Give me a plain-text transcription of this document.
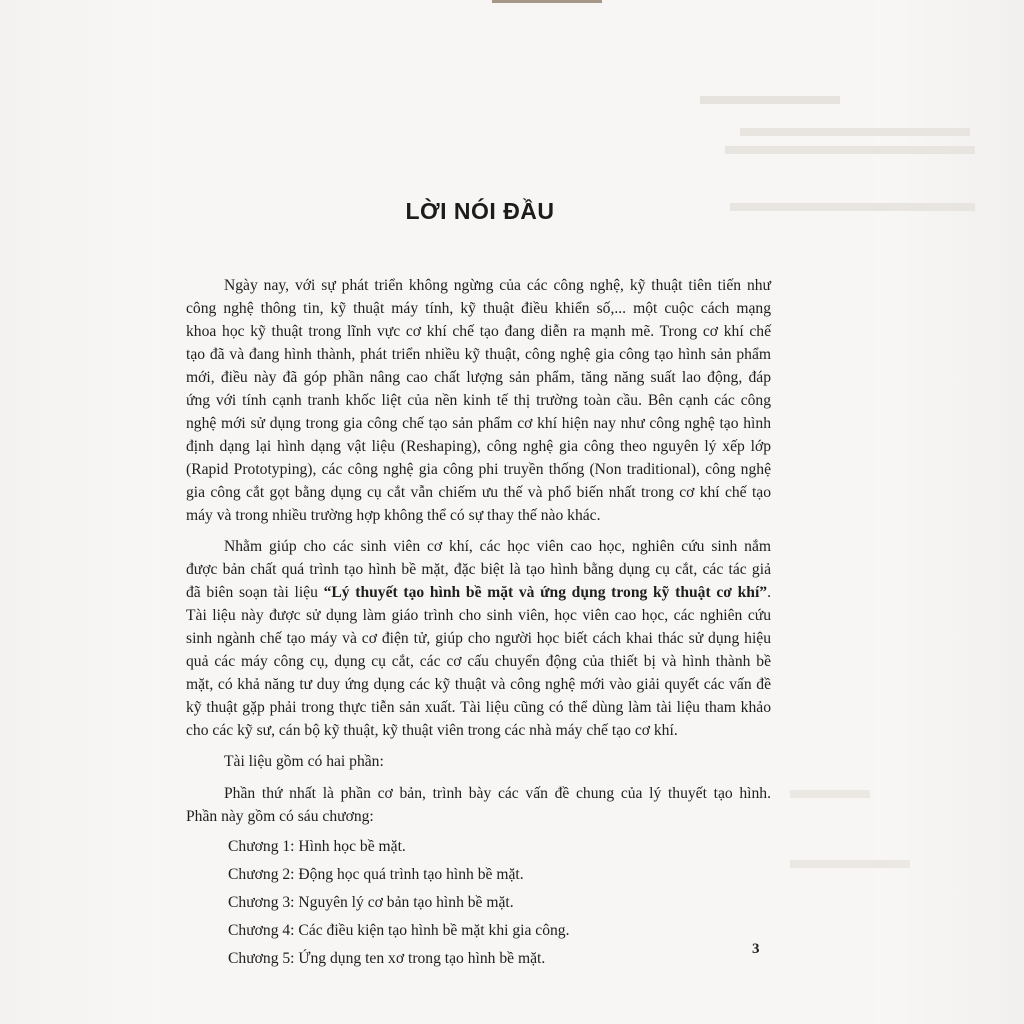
LỜI NÓI ĐẦU
Ngày nay, với sự phát triển không ngừng của các công nghệ, kỹ thuật tiên tiến như
công nghệ thông tin, kỹ thuật máy tính, kỹ thuật điều khiển số,... một cuộc cách mạng
khoa học kỹ thuật trong lĩnh vực cơ khí chế tạo đang diễn ra mạnh mẽ. Trong cơ khí chế
tạo đã và đang hình thành, phát triển nhiều kỹ thuật, công nghệ gia công tạo hình sản phẩm
mới, điều này đã góp phần nâng cao chất lượng sản phẩm, tăng năng suất lao động, đáp
ứng với tính cạnh tranh khốc liệt của nền kinh tế thị trường toàn cầu. Bên cạnh các công
nghệ mới sử dụng trong gia công chế tạo sản phẩm cơ khí hiện nay như công nghệ tạo hình
định dạng lại hình dạng vật liệu (Reshaping), công nghệ gia công theo nguyên lý xếp lớp
(Rapid Prototyping), các công nghệ gia công phi truyền thống (Non traditional), công nghệ
gia công cắt gọt bằng dụng cụ cắt vẫn chiếm ưu thế và phổ biến nhất trong cơ khí chế tạo
máy và trong nhiều trường hợp không thể có sự thay thế nào khác.
Nhằm giúp cho các sinh viên cơ khí, các học viên cao học, nghiên cứu sinh nắm
được bản chất quá trình tạo hình bề mặt, đặc biệt là tạo hình bằng dụng cụ cắt, các tác giả
đã biên soạn tài liệu “Lý thuyết tạo hình bề mặt và ứng dụng trong kỹ thuật cơ khí”.
Tài liệu này được sử dụng làm giáo trình cho sinh viên, học viên cao học, các nghiên cứu
sinh ngành chế tạo máy và cơ điện tử, giúp cho người học biết cách khai thác sử dụng hiệu
quả các máy công cụ, dụng cụ cắt, các cơ cấu chuyển động của thiết bị và hình thành bề
mặt, có khả năng tư duy ứng dụng các kỹ thuật và công nghệ mới vào giải quyết các vấn đề
kỹ thuật gặp phải trong thực tiễn sản xuất. Tài liệu cũng có thể dùng làm tài liệu tham khảo
cho các kỹ sư, cán bộ kỹ thuật, kỹ thuật viên trong các nhà máy chế tạo cơ khí.
Tài liệu gồm có hai phần:
Phần thứ nhất là phần cơ bản, trình bày các vấn đề chung của lý thuyết tạo hình.
Phần này gồm có sáu chương:
Chương 1: Hình học bề mặt.
Chương 2: Động học quá trình tạo hình bề mặt.
Chương 3: Nguyên lý cơ bản tạo hình bề mặt.
Chương 4: Các điều kiện tạo hình bề mặt khi gia công.
Chương 5: Ứng dụng ten xơ trong tạo hình bề mặt.
3
